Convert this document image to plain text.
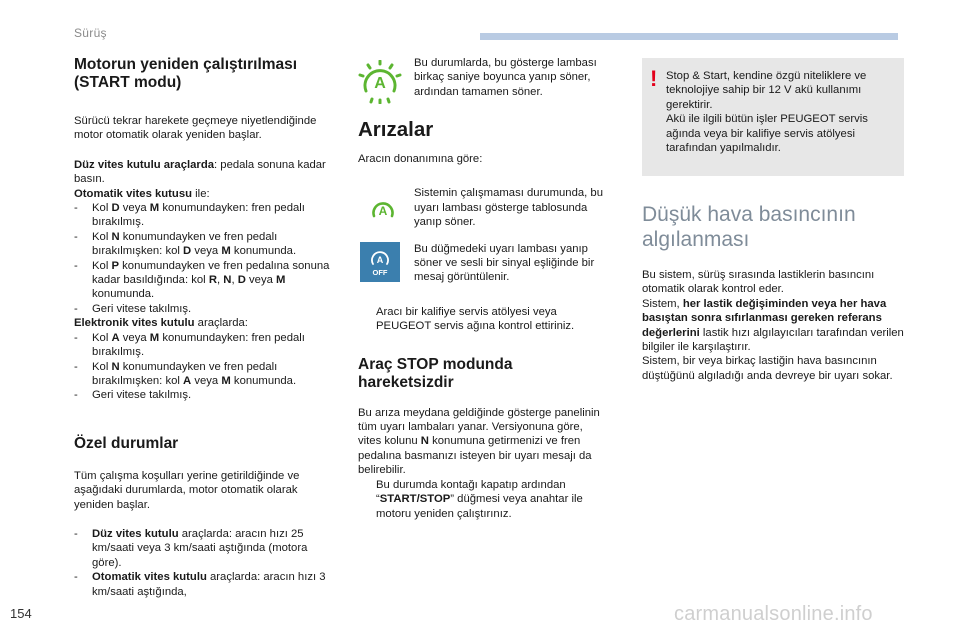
Sürüş
Motorun yeniden çalıştırılması
(START modu)

Sürücü tekrar harekete geçmeye niyetlendiğinde motor otomatik olarak yeniden başlar.

Düz vites kutulu araçlarda: pedala sonuna kadar basın.

Otomatik vites kutusu ile:

-	Kol D veya M konumundayken: fren pedalı bırakılmış.
-	Kol N konumundayken ve fren pedalı bırakılmışken: kol D veya M konumunda.
-	Kol P konumundayken ve fren pedalına sonuna kadar basıldığında: kol R, N, D veya M konumunda.
-	Geri vitese takılmış.

Elektronik vites kutulu araçlarda:

-	Kol A veya M konumundayken: fren pedalı bırakılmış.
-	Kol N konumundayken ve fren pedalı bırakılmışken: kol A veya M konumunda.
-	Geri vitese takılmış.
Özel durumlar

Tüm çalışma koşulları yerine getirildiğinde ve aşağıdaki durumlarda, motor otomatik olarak yeniden başlar.

-	Düz vites kutulu araçlarda: aracın hızı 25 km/saati veya 3 km/saati aştığında (motora göre).
-	Otomatik vites kutulu araçlarda: aracın hızı 3 km/saati aştığında,
A

Bu durumlarda, bu gösterge lambası birkaç saniye boyunca yanıp söner, ardından tamamen söner.

Arızalar

Aracın donanımına göre:

A

Sistemin çalışmaması durumunda, bu uyarı lambası gösterge tablosunda yanıp söner.

A
OFF

Bu düğmedeki uyarı lambası yanıp söner ve sesli bir sinyal eşliğinde bir mesaj görüntülenir.

Aracı bir kalifiye servis atölyesi veya PEUGEOT servis ağına kontrol ettiriniz.
Araç STOP modunda
hareketsizdir

Bu arıza meydana geldiğinde gösterge panelinin tüm uyarı lambaları yanar. Versiyonuna göre, vites kolunu N konumuna getirmenizi ve fren pedalına basmanızı isteyen bir uyarı mesajı da belirebilir.

Bu durumda kontağı kapatıp ardından “START/STOP” düğmesi veya anahtar ile motoru yeniden çalıştırınız.
! Stop & Start, kendine özgü niteliklere ve teknolojiye sahip bir 12 V akü kullanımı gerektirir.

Akü ile ilgili bütün işler PEUGEOT servis ağında veya bir kalifiye servis atölyesi tarafından yapılmalıdır.

Düşük hava basıncının
algılanması

Bu sistem, sürüş sırasında lastiklerin basıncını otomatik olarak kontrol eder.

Sistem, her lastik değişiminden veya her hava basıştan sonra sıfırlanması gereken referans değerlerini lastik hızı algılayıcıları tarafından verilen bilgiler ile karşılaştırır.

Sistem, bir veya birkaç lastiğin hava basıncının düştüğünü algıladığı anda devreye bir uyarı sokar.

154	carmanualsonline.info
